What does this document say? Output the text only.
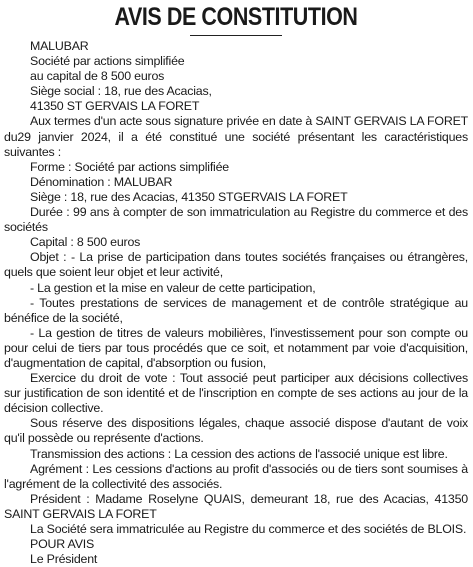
AVIS DE CONSTITUTION

MALUBAR

Société par actions simplifiée

au capital de 8 500 euros

Siège social : 18, rue des Acacias,

41350 ST GERVAIS LA FORET

Aux termes d'un acte sous signature privée en date à SAINT GERVAIS LA FORET du29 janvier 2024, il a été constitué une société présentant les caractéristiques suivantes :

Forme : Société par actions simplifiée

Dénomination : MALUBAR

Siège : 18, rue des Acacias, 41350 STGERVAIS LA FORET

Durée : 99 ans à compter de son immatriculation au Registre du commerce et des sociétés

Capital : 8 500 euros

Objet : - La prise de participation dans toutes sociétés françaises ou étrangères, quels que soient leur objet et leur activité,

- La gestion et la mise en valeur de cette participation,

- Toutes prestations de services de management et de contrôle stratégique au bénéfice de la société,

- La gestion de titres de valeurs mobilières, l'investissement pour son compte ou pour celui de tiers par tous procédés que ce soit, et notamment par voie d'acquisition, d'augmentation de capital, d'absorption ou fusion,

Exercice du droit de vote : Tout associé peut participer aux décisions collectives sur justification de son identité et de l'inscription en compte de ses actions au jour de la décision collective.

Sous réserve des dispositions légales, chaque associé dispose d'autant de voix qu'il possède ou représente d'actions.

Transmission des actions : La cession des actions de l'associé unique est libre.

Agrément : Les cessions d'actions au profit d'associés ou de tiers sont soumises à l'agrément de la collectivité des associés.

Président : Madame Roselyne QUAIS, demeurant 18, rue des Acacias, 41350 SAINT GERVAIS LA FORET

La Société sera immatriculée au Registre du commerce et des sociétés de BLOIS.

POUR AVIS

Le Président
